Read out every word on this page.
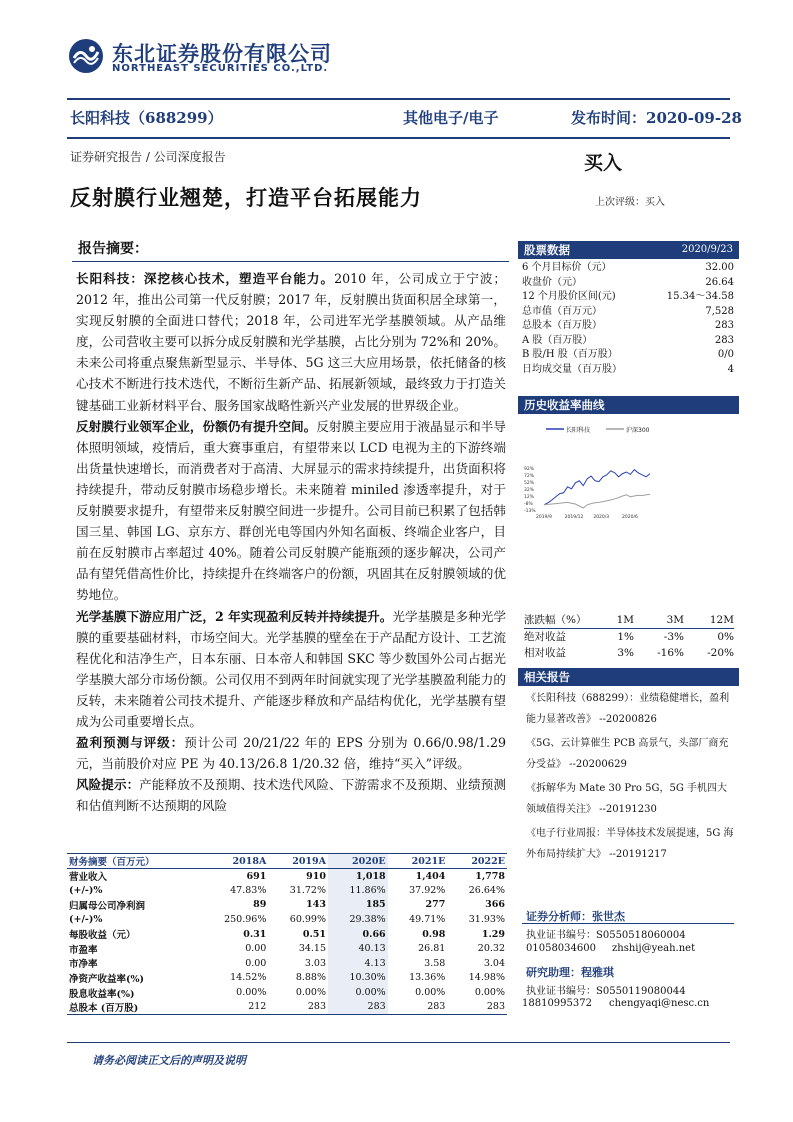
东北证券股份有限公司
NORTHEAST SECURITIES CO.,LTD.
长阳科技（688299）	其他电子/电子	发布时间：2020-09-28
证券研究报告 / 公司深度报告	买入
反射膜行业翘楚，打造平台拓展能力	上次评级：买入
报告摘要：

长阳科技：深挖核心技术，塑造平台能力。2010 年，公司成立于宁波；2012 年，推出公司第一代反射膜；2017 年，反射膜出货面积居全球第一，实现反射膜的全面进口替代；2018 年，公司进军光学基膜领域。从产品维度，公司营收主要可以拆分成反射膜和光学基膜，占比分别为 72%和 20%。未来公司将重点聚焦新型显示、半导体、5G 这三大应用场景，依托储备的核心技术不断进行技术迭代，不断衍生新产品、拓展新领域，最终致力于打造关键基础工业新材料平台、服务国家战略性新兴产业发展的世界级企业。

反射膜行业领军企业，份额仍有提升空间。反射膜主要应用于液晶显示和半导体照明领域，疫情后，重大赛事重启，有望带来以 LCD 电视为主的下游终端出货量快速增长，而消费者对于高清、大屏显示的需求持续提升，出货面积将持续提升，带动反射膜市场稳步增长。未来随着 miniled 渗透率提升，对于反射膜要求提升，有望带来反射膜空间进一步提升。公司目前已积累了包括韩国三星、韩国 LG、京东方、群创光电等国内外知名面板、终端企业客户，目前在反射膜市占率超过 40%。随着公司反射膜产能瓶颈的逐步解决，公司产品有望凭借高性价比，持续提升在终端客户的份额，巩固其在反射膜领域的优势地位。

光学基膜下游应用广泛，2 年实现盈利反转并持续提升。光学基膜是多种光学膜的重要基础材料，市场空间大。光学基膜的壁垒在于产品配方设计、工艺流程优化和洁净生产，日本东丽、日本帝人和韩国 SKC 等少数国外公司占据光学基膜大部分市场份额。公司仅用不到两年时间就实现了光学基膜盈利能力的反转，未来随着公司技术提升、产能逐步释放和产品结构优化，光学基膜有望成为公司重要增长点。

盈利预测与评级：预计公司 20/21/22 年的 EPS 分别为 0.66/0.98/1.29 元，当前股价对应 PE 为 40.13/26.8 1/20.32 倍，维持“买入”评级。

风险提示：产能释放不及预期、技术迭代风险、下游需求不及预期、业绩预测和估值判断不达预期的风险

股票数据	2020/9/23
6 个月目标价（元）	32.00
收盘价（元）	26.64
12 个月股价区间(元)	15.34～34.58
总市值（百万元）	7,528
总股本（百万股）	283
A 股（百万股）	283
B 股/H 股（百万股）	0/0
日均成交量（百万股）	4
历史收益率曲线
长阳科技	沪深300
92%
72%
52%
32%
12%
-8%
-13%
2019/9	2019/12 2020/3	2020/6
涨跌幅（%）	1M	3M	12M
绝对收益	1%	-3%	0%
相对收益	3%	-16%	-20%
相关报告
《长阳科技（688299）：业绩稳健增长，盈利能力显著改善》 --20200826
《5G、云计算催生 PCB 高景气，头部厂商充分受益》 --20200629
《拆解华为 Mate 30 Pro 5G，5G 手机四大领域值得关注》 --20191230
《电子行业周报：半导体技术发展提速，5G 海外布局持续扩大》 --20191217
证券分析师：张世杰
执业证书编号：S0550518060004
01058034600 zhshij@yeah.net
研究助理：程雅琪
执业证书编号：S0550119080044
18810995372 chengyaqi@nesc.cn
财务摘要（百万元）	2018A	2019A	2020E	2021E	2022E
营业收入	691	910	1,018	1,404	1,778
(+/-)%	47.83%	31.72%	11.86%	37.92%	26.64%
归属母公司净利润	89	143	185	277	366
(+/-)%	250.96%	60.99%	29.38%	49.71%	31.93%
每股收益（元）	0.31	0.51	0.66	0.98	1.29
市盈率	0.00	34.15	40.13	26.81	20.32
市净率	0.00	3.03	4.13	3.58	3.04
净资产收益率(%)	14.52%	8.88%	10.30%	13.36%	14.98%
股息收益率(%)	0.00%	0.00%	0.00%	0.00%	0.00%
总股本 (百万股)	212	283	283	283	283
请务必阅读正文后的声明及说明
